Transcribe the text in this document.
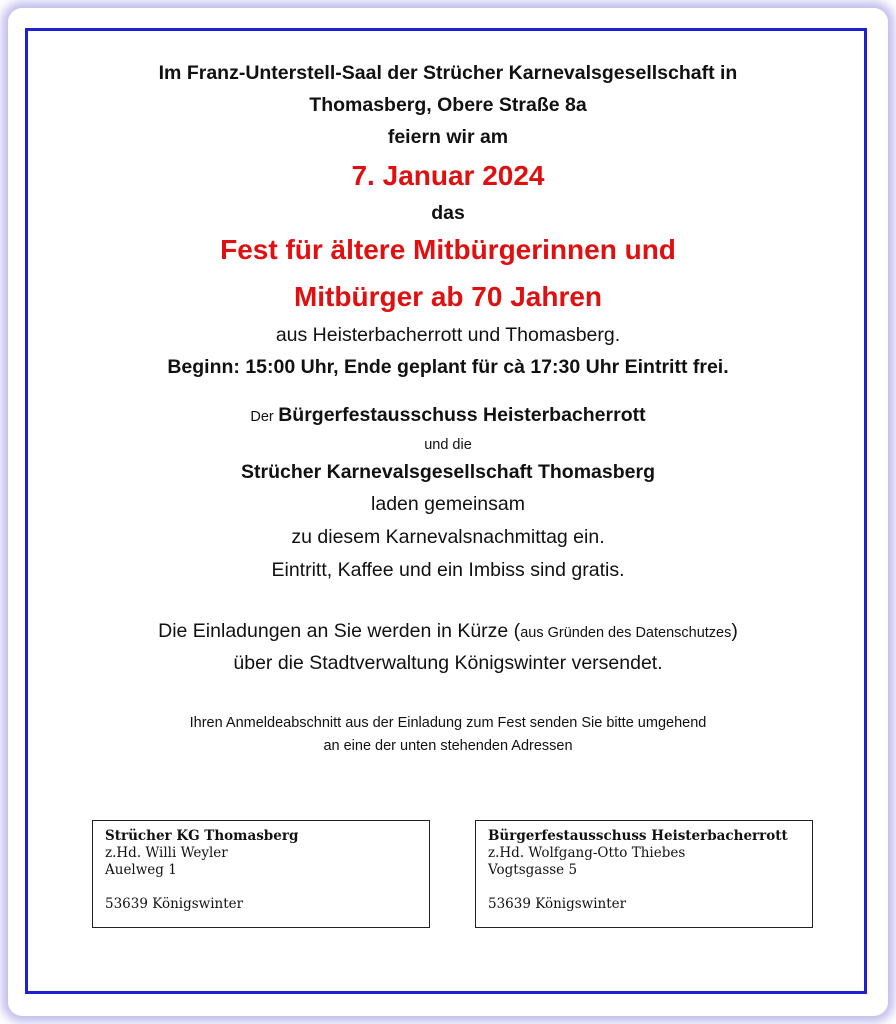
Im Franz-Unterstell-Saal der Strücher Karnevalsgesellschaft in
Thomasberg, Obere Straße 8a
feiern wir am
7. Januar 2024
das
Fest für ältere Mitbürgerinnen und
Mitbürger ab 70 Jahren
aus Heisterbacherrott und Thomasberg.
Beginn: 15:00 Uhr, Ende geplant für cà 17:30 Uhr Eintritt frei.
Der Bürgerfestausschuss Heisterbacherrott
und die
Strücher Karnevalsgesellschaft Thomasberg
laden gemeinsam
zu diesem Karnevalsnachmittag ein.
Eintritt, Kaffee und ein Imbiss sind gratis.
Die Einladungen an Sie werden in Kürze (aus Gründen des Datenschutzes)
über die Stadtverwaltung Königswinter versendet.
Ihren Anmeldeabschnitt aus der Einladung zum Fest senden Sie bitte umgehend
an eine der unten stehenden Adressen
Strücher KG Thomasberg
z.Hd. Willi Weyler
Auelweg 1
53639 Königswinter
Bürgerfestausschuss Heisterbacherrott
z.Hd. Wolfgang-Otto Thiebes
Vogtsgasse 5
53639 Königswinter
